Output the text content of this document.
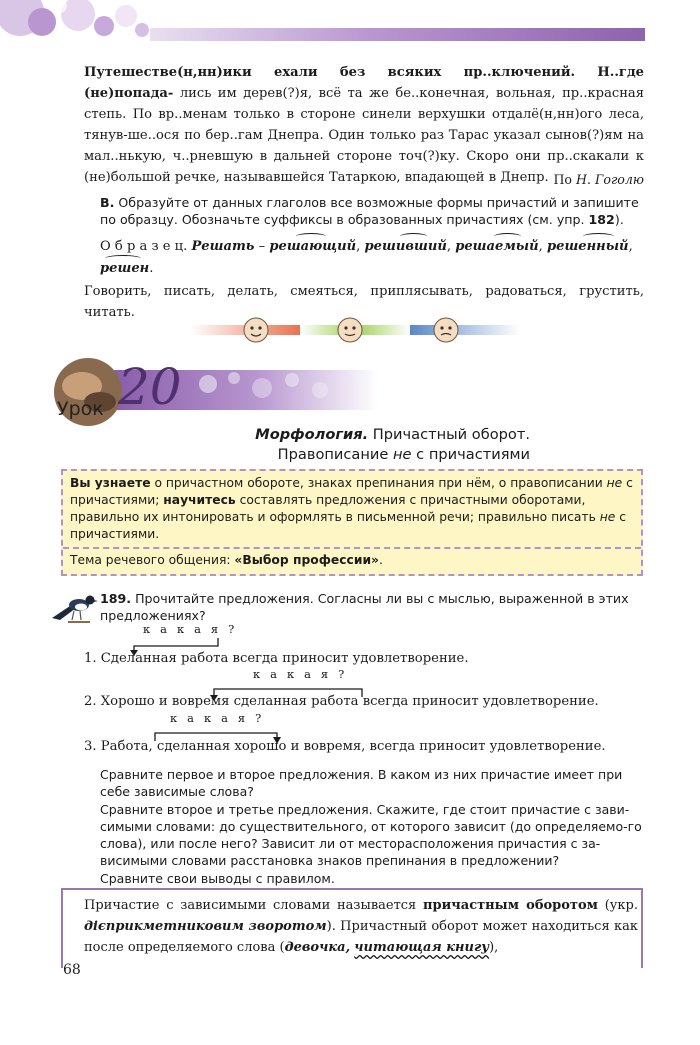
Путешестве(н,нн)ики ехали без всяких пр..ключений. Н..где (не)попада- лись им дерев(?)я, всё та же бе..конечная, вольная, пр..красная степь. По вр..менам только в стороне синели верхушки отдалё(н,нн)ого леса, тянув-ше..ося по бер..гам Днепра. Один только раз Тарас указал сынов(?)ям на мал..нькую, ч..рневшую в дальней стороне точ(?)ку. Скоро они пр..скакали к (не)большой речке, называвшейся Татаркою, впадающей в Днепр. По Н. Гоголю
В. Образуйте от данных глаголов все возможные формы причастий и запишите по образцу. Обозначьте суффиксы в образованных причастиях (см. упр. 182).
О б р а з е ц. Решать – решающий, решивший, решаемый, решенный, решен.
Говорить, писать, делать, смеяться, приплясывать, радоваться, грустить, читать.
Урок 20
Морфология. Причастный оборот.
Правописание не с причастиями
Вы узнаете о причастном обороте, знаках препинания при нём, о правописании не с причастиями; научитесь составлять предложения с причастными оборотами, правильно их интонировать и оформлять в письменной речи; правильно писать не с причастиями.
Тема речевого общения: «Выбор профессии».
189. Прочитайте предложения. Согласны ли вы с мыслью, выраженной в этих предложениях?
к а к а я ?
1. Сделанная работа всегда приносит удовлетворение.
к а к а я ?
2. Хорошо и вовремя сделанная работа всегда приносит удовлетворение.
к а к а я ?
3. Работа, сделанная хорошо и вовремя, всегда приносит удовлетворение.
Сравните первое и второе предложения. В каком из них причастие имеет при себе зависимые слова?
Сравните второе и третье предложения. Скажите, где стоит причастие с зави-симыми словами: до существительного, от которого зависит (до определяемо-го слова), или после него? Зависит ли от месторасположения причастия с за-висимыми словами расстановка знаков препинания в предложении?
Сравните свои выводы с правилом.
Причастие с зависимыми словами называется причастным оборотом (укр. дієприкметниковим зворотом). Причастный оборот может находиться как после определяемого слова (девочка, читающая книгу),
68
